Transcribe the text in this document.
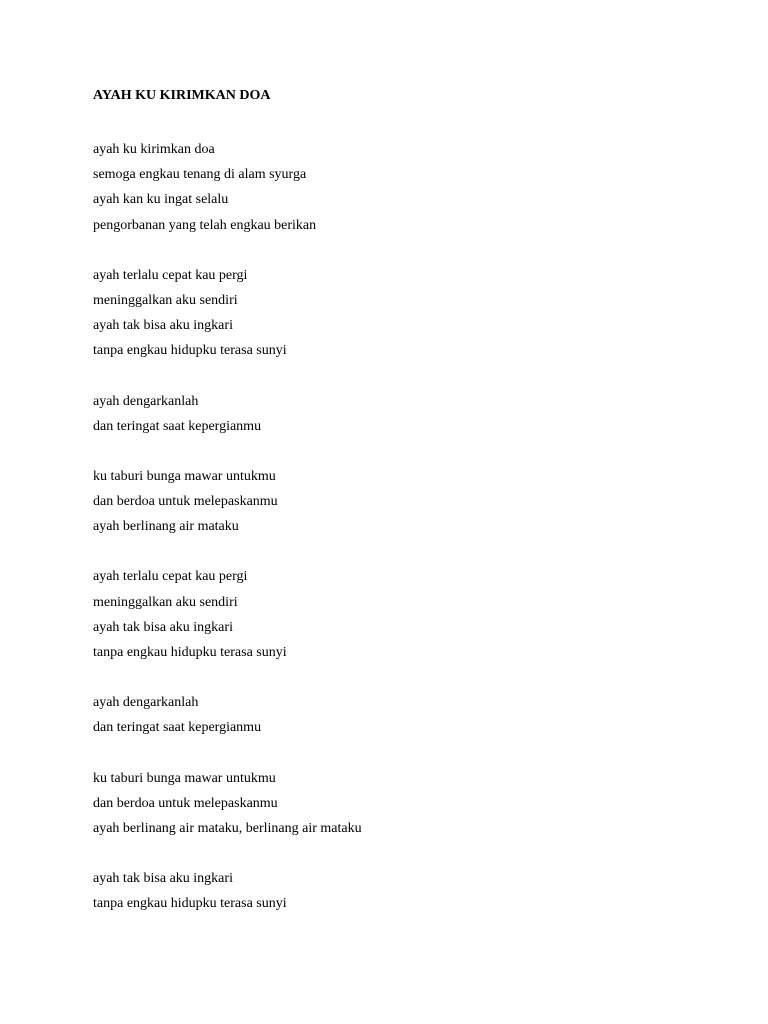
AYAH KU KIRIMKAN DOA
ayah ku kirimkan doa
semoga engkau tenang di alam syurga
ayah kan ku ingat selalu
pengorbanan yang telah engkau berikan
ayah terlalu cepat kau pergi
meninggalkan aku sendiri
ayah tak bisa aku ingkari
tanpa engkau hidupku terasa sunyi
ayah dengarkanlah
dan teringat saat kepergianmu
ku taburi bunga mawar untukmu
dan berdoa untuk melepaskanmu
ayah berlinang air mataku
ayah terlalu cepat kau pergi
meninggalkan aku sendiri
ayah tak bisa aku ingkari
tanpa engkau hidupku terasa sunyi
ayah dengarkanlah
dan teringat saat kepergianmu
ku taburi bunga mawar untukmu
dan berdoa untuk melepaskanmu
ayah berlinang air mataku, berlinang air mataku
ayah tak bisa aku ingkari
tanpa engkau hidupku terasa sunyi
